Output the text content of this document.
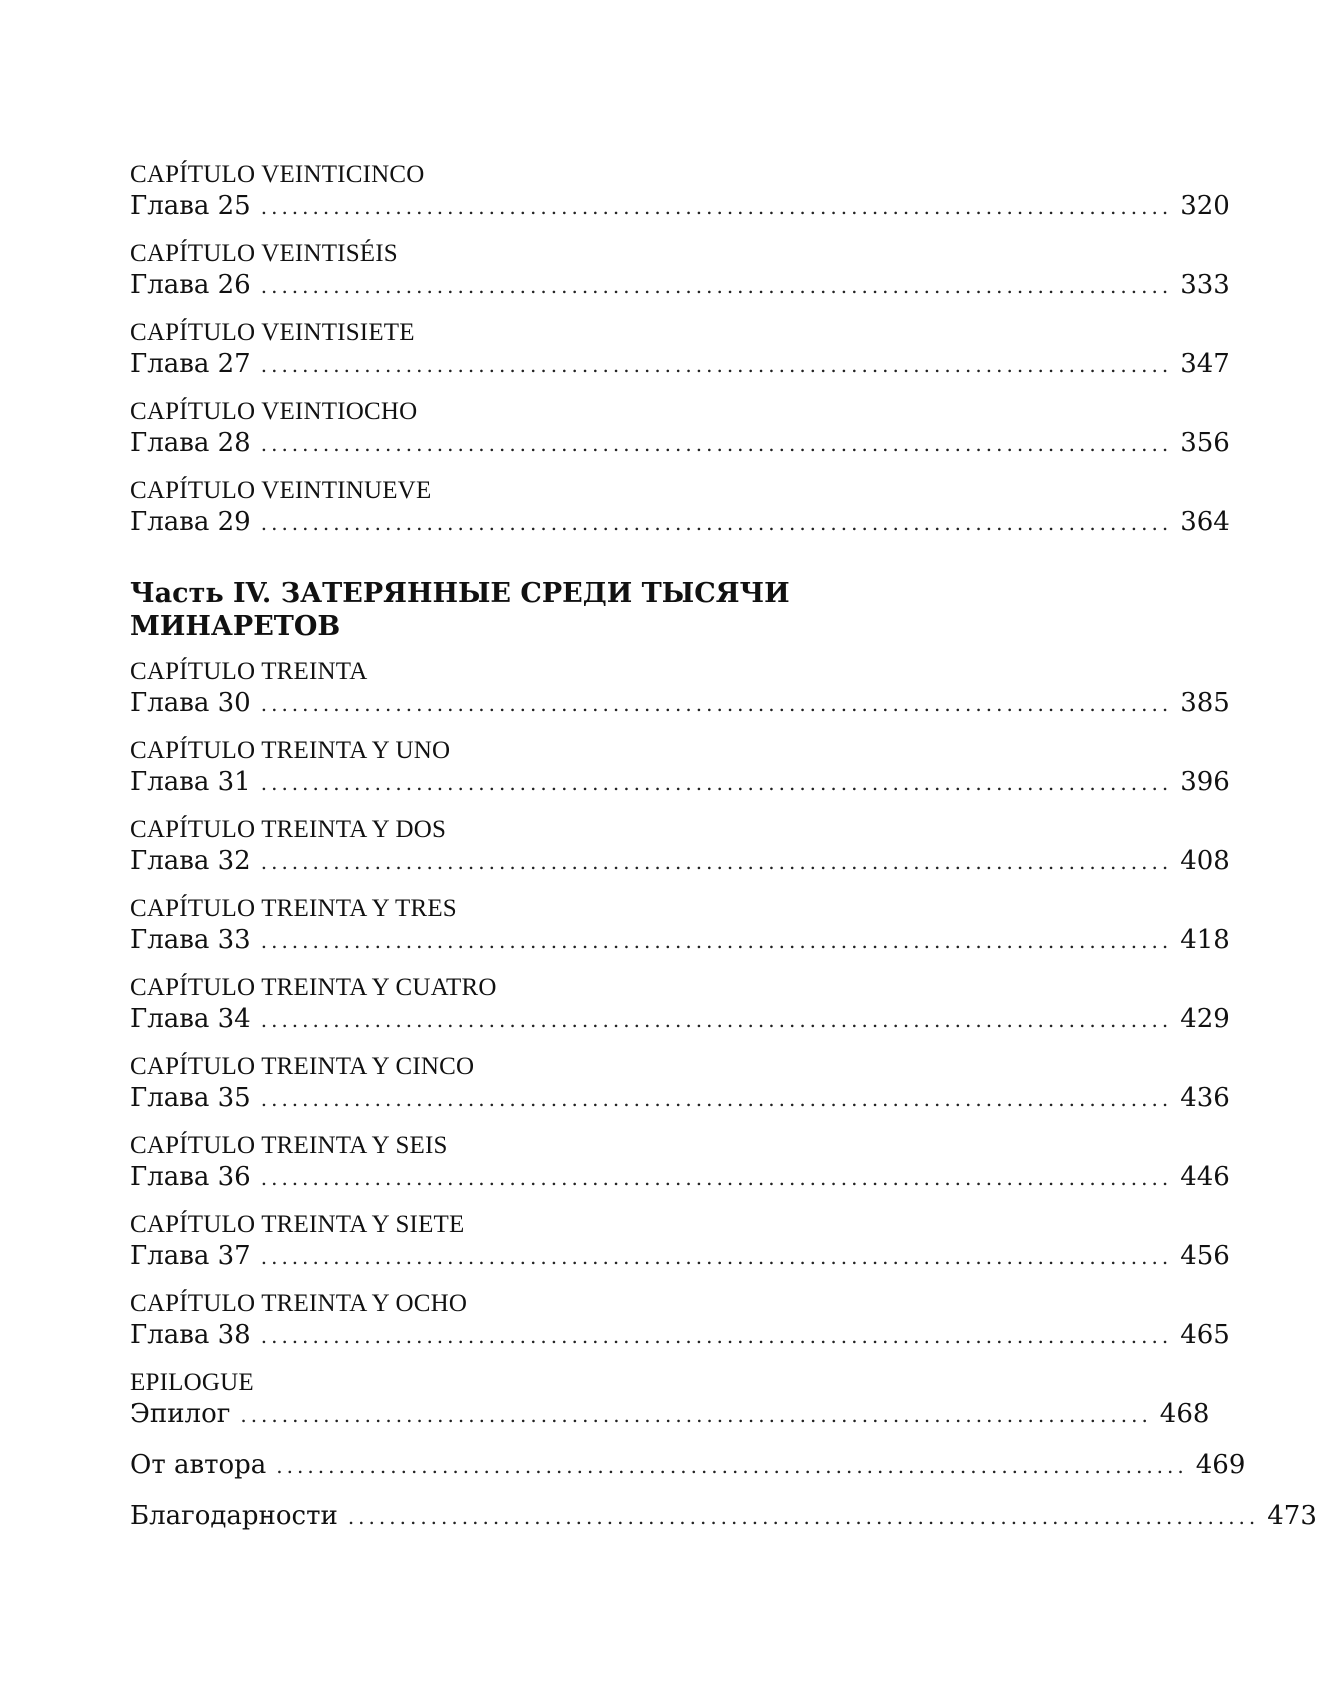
CAPÍTULO VEINTICINCO
Глава 25 ........................................................................................ 320
CAPÍTULO VEINTISÉIS
Глава 26 ........................................................................................ 333
CAPÍTULO VEINTISIETE
Глава 27 ........................................................................................ 347
CAPÍTULO VEINTIOCHO
Глава 28 ........................................................................................ 356
CAPÍTULO VEINTINUEVE
Глава 29 ........................................................................................ 364
Часть IV. ЗАТЕРЯННЫЕ СРЕДИ ТЫСЯЧИ
МИНАРЕТОВ
CAPÍTULO TREINTA
Глава 30 ........................................................................................ 385
CAPÍTULO TREINTA Y UNO
Глава 31 ........................................................................................ 396
CAPÍTULO TREINTA Y DOS
Глава 32 ........................................................................................ 408
CAPÍTULO TREINTA Y TRES
Глава 33 ........................................................................................ 418
CAPÍTULO TREINTA Y CUATRO
Глава 34 ........................................................................................ 429
CAPÍTULO TREINTA Y CINCO
Глава 35 ........................................................................................ 436
CAPÍTULO TREINTA Y SEIS
Глава 36 ........................................................................................ 446
CAPÍTULO TREINTA Y SIETE
Глава 37 ........................................................................................ 456
CAPÍTULO TREINTA Y OCHO
Глава 38 ........................................................................................ 465
EPILOGUE
Эпилог ........................................................................................ 468
От автора ........................................................................................ 469
Благодарности ........................................................................................ 473
